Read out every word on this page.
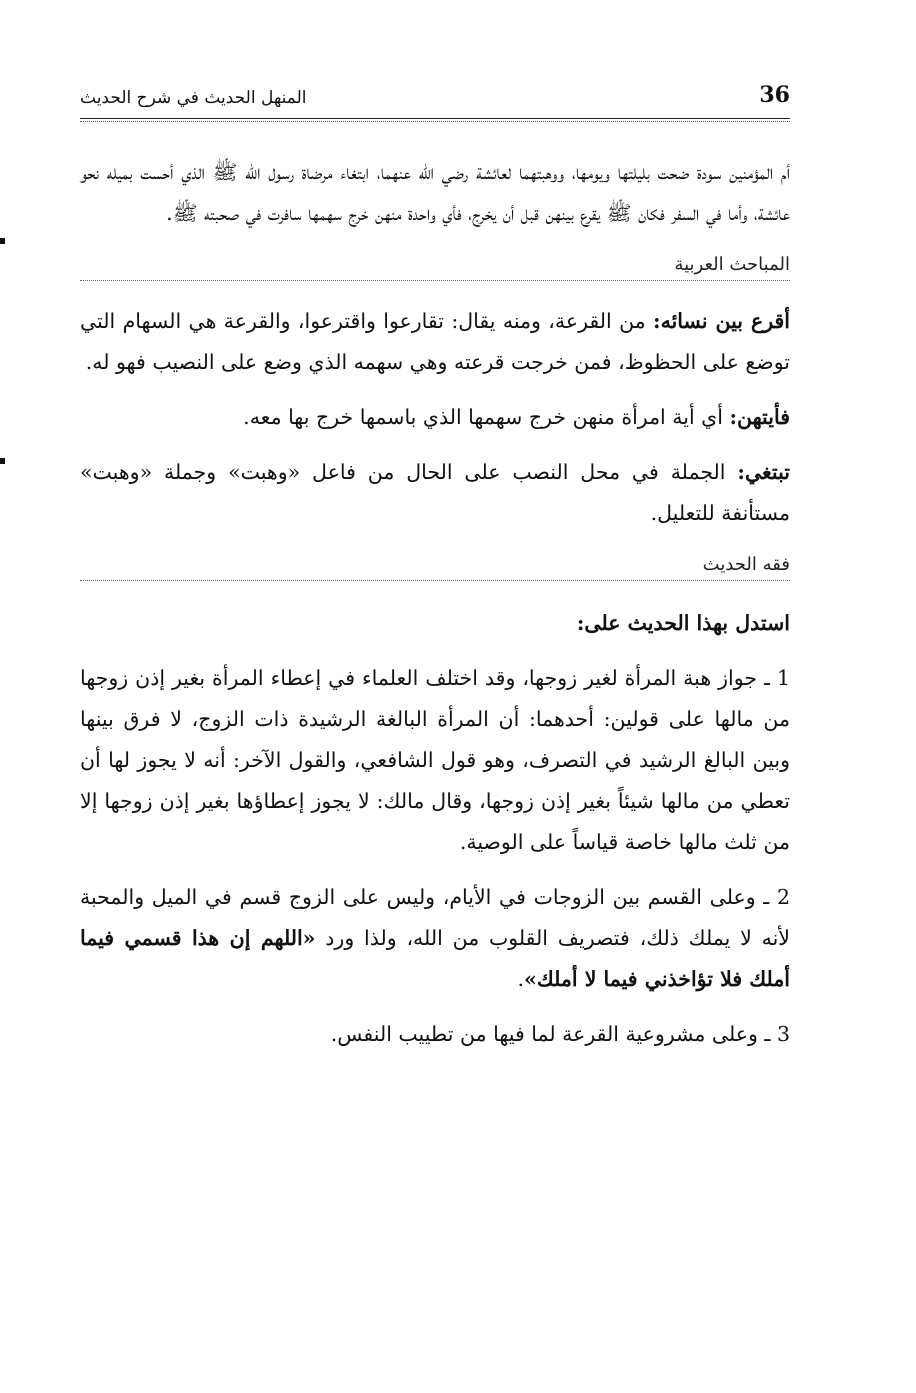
36
المنهل الحديث في شرح الحديث

أم المؤمنين سودة ضحت بليلتها ويومها، ووهبتهما لعائشة رضي الله عنهما، ابتغاء مرضاة رسول الله ﷺ الذي أحست بميله نحو عائشة، وأما في السفر فكان ﷺ يقرع بينهن قبل أن يخرج، فأي واحدة منهن خرج سهمها سافرت في صحبته ﷺ.

المباحث العربية

أقرع بين نسائه: من القرعة، ومنه يقال: تقارعوا واقترعوا، والقرعة هي السهام التي توضع على الحظوظ، فمن خرجت قرعته وهي سهمه الذي وضع على النصيب فهو له.

فأيتهن: أي أية امرأة منهن خرج سهمها الذي باسمها خرج بها معه.

تبتغي: الجملة في محل النصب على الحال من فاعل «وهبت» وجملة «وهبت» مستأنفة للتعليل.

فقه الحديث

استدل بهذا الحديث على:

1 ـ جواز هبة المرأة لغير زوجها، وقد اختلف العلماء في إعطاء المرأة بغير إذن زوجها من مالها على قولين: أحدهما: أن المرأة البالغة الرشيدة ذات الزوج، لا فرق بينها وبين البالغ الرشيد في التصرف، وهو قول الشافعي، والقول الآخر: أنه لا يجوز لها أن تعطي من مالها شيئاً بغير إذن زوجها، وقال مالك: لا يجوز إعطاؤها بغير إذن زوجها إلا من ثلث مالها خاصة قياساً على الوصية.

2 ـ وعلى القسم بين الزوجات في الأيام، وليس على الزوج قسم في الميل والمحبة لأنه لا يملك ذلك، فتصريف القلوب من الله، ولذا ورد «اللهم إن هذا قسمي فيما أملك فلا تؤاخذني فيما لا أملك».

3 ـ وعلى مشروعية القرعة لما فيها من تطييب النفس.
